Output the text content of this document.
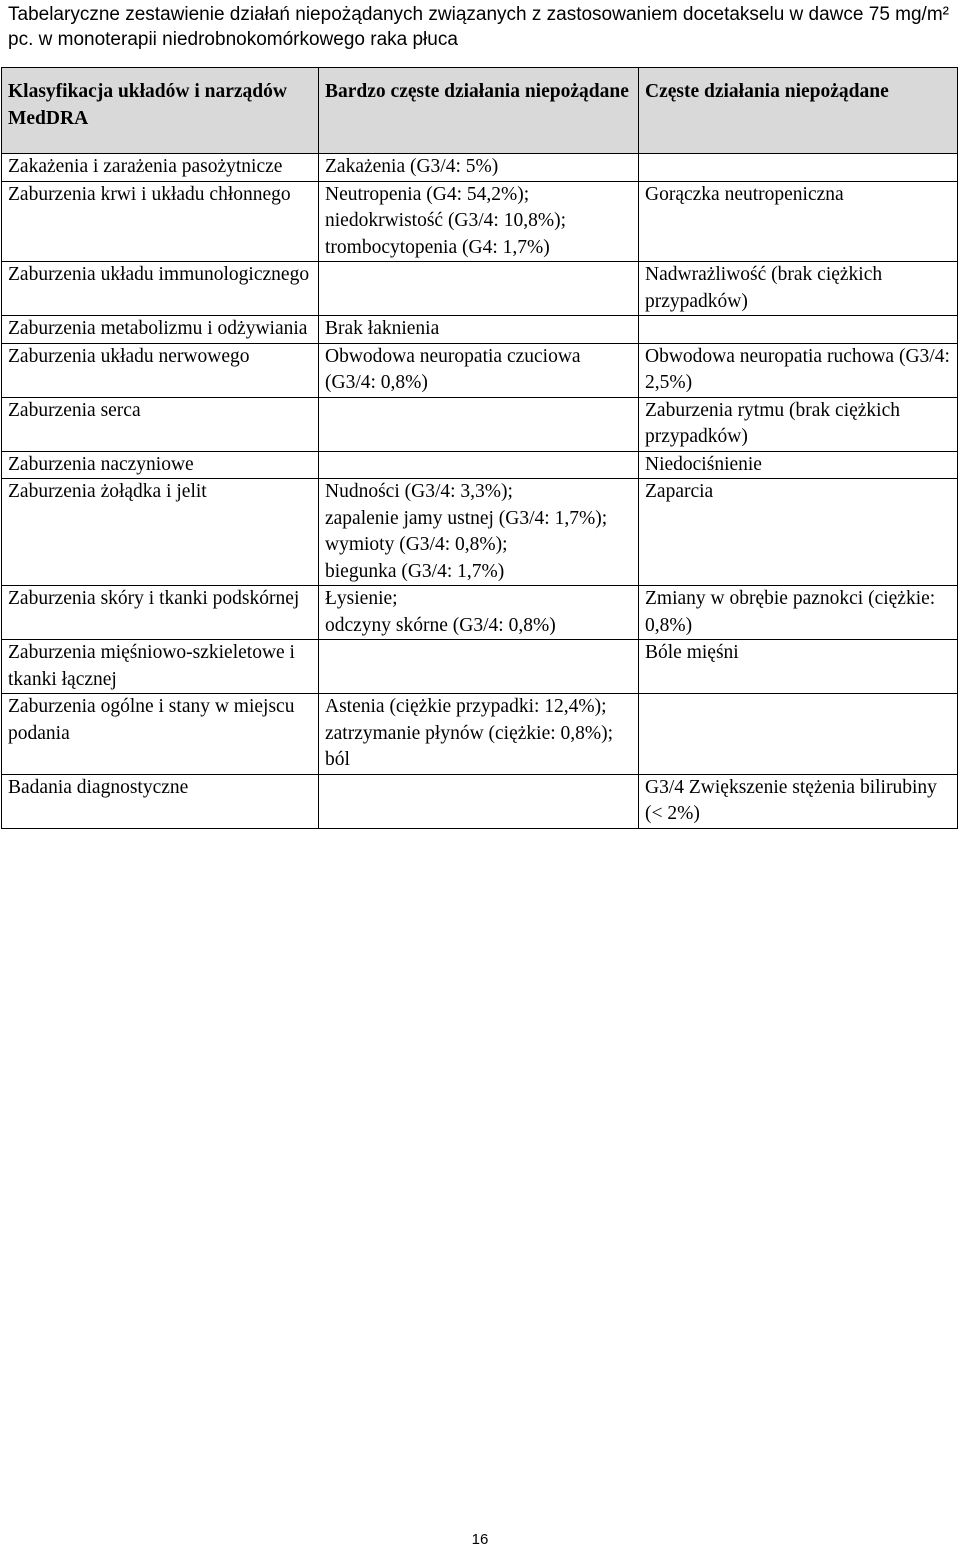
Tabelaryczne zestawienie działań niepożądanych związanych z zastosowaniem docetakselu w dawce 75 mg/m² pc. w monoterapii niedrobnokomórkowego raka płuca
Klasyfikacja układów i narządów MedDRA	Bardzo częste działania niepożądane	Częste działania niepożądane
Zakażenia i zarażenia pasożytnicze	Zakażenia (G3/4: 5%)	
Zaburzenia krwi i układu chłonnego	Neutropenia (G4: 54,2%);
niedokrwistość (G3/4: 10,8%);
trombocytopenia (G4: 1,7%)	Gorączka neutropeniczna
Zaburzenia układu immunologicznego		Nadwrażliwość (brak ciężkich przypadków)
Zaburzenia metabolizmu i odżywiania	Brak łaknienia	
Zaburzenia układu nerwowego	Obwodowa neuropatia czuciowa (G3/4: 0,8%)	Obwodowa neuropatia ruchowa (G3/4: 2,5%)
Zaburzenia serca		Zaburzenia rytmu (brak ciężkich przypadków)
Zaburzenia naczyniowe		Niedociśnienie
Zaburzenia żołądka i jelit	Nudności (G3/4: 3,3%);
zapalenie jamy ustnej (G3/4: 1,7%);
wymioty (G3/4: 0,8%);
biegunka (G3/4: 1,7%)	Zaparcia
Zaburzenia skóry i tkanki podskórnej	Łysienie;
odczyny skórne (G3/4: 0,8%)	Zmiany w obrębie paznokci (ciężkie: 0,8%)
Zaburzenia mięśniowo-szkieletowe i tkanki łącznej		Bóle mięśni
Zaburzenia ogólne i stany w miejscu podania	Astenia (ciężkie przypadki: 12,4%);
zatrzymanie płynów (ciężkie: 0,8%);
ból	
Badania diagnostyczne		G3/4 Zwiększenie stężenia bilirubiny (< 2%)
16
